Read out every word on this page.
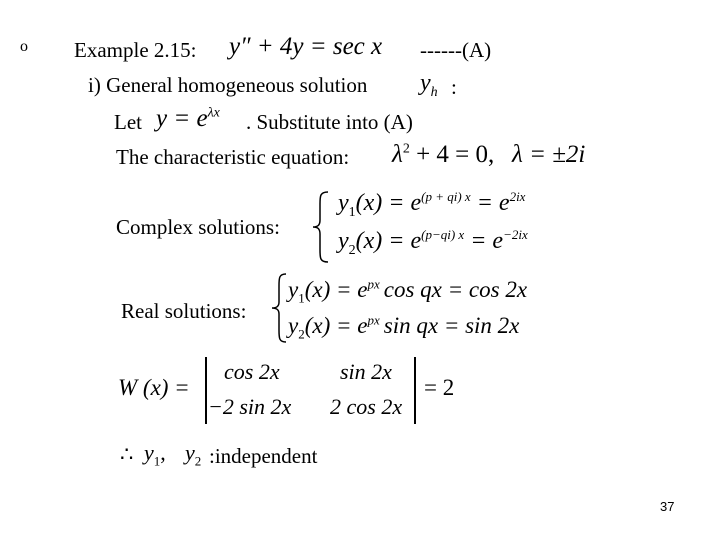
o Example 2.15: y″ + 4y = sec x ------(A)
i) General homogeneous solution $y_h$ :
Let $y = e^{\lambda x}$ . Substitute into (A)
The characteristic equation: $\lambda^2 + 4 = 0$, λ = ±2i
Complex solutions:
$y_1(x) = e^{(p + qi) x} = e^{2ix}$
$y_2(x) = e^{(p-qi) x} = e^{-2ix}$
Real solutions:
$y_1(x) = e^{px}$ cos qx = cos 2x
$y_2(x) = e^{px}$ sin qx = sin 2x
W (x) =
cos 2x	sin 2x
−2 sin 2x 2 cos 2x
= 2
∴ $y_1$, $y_2$ :independent
37
